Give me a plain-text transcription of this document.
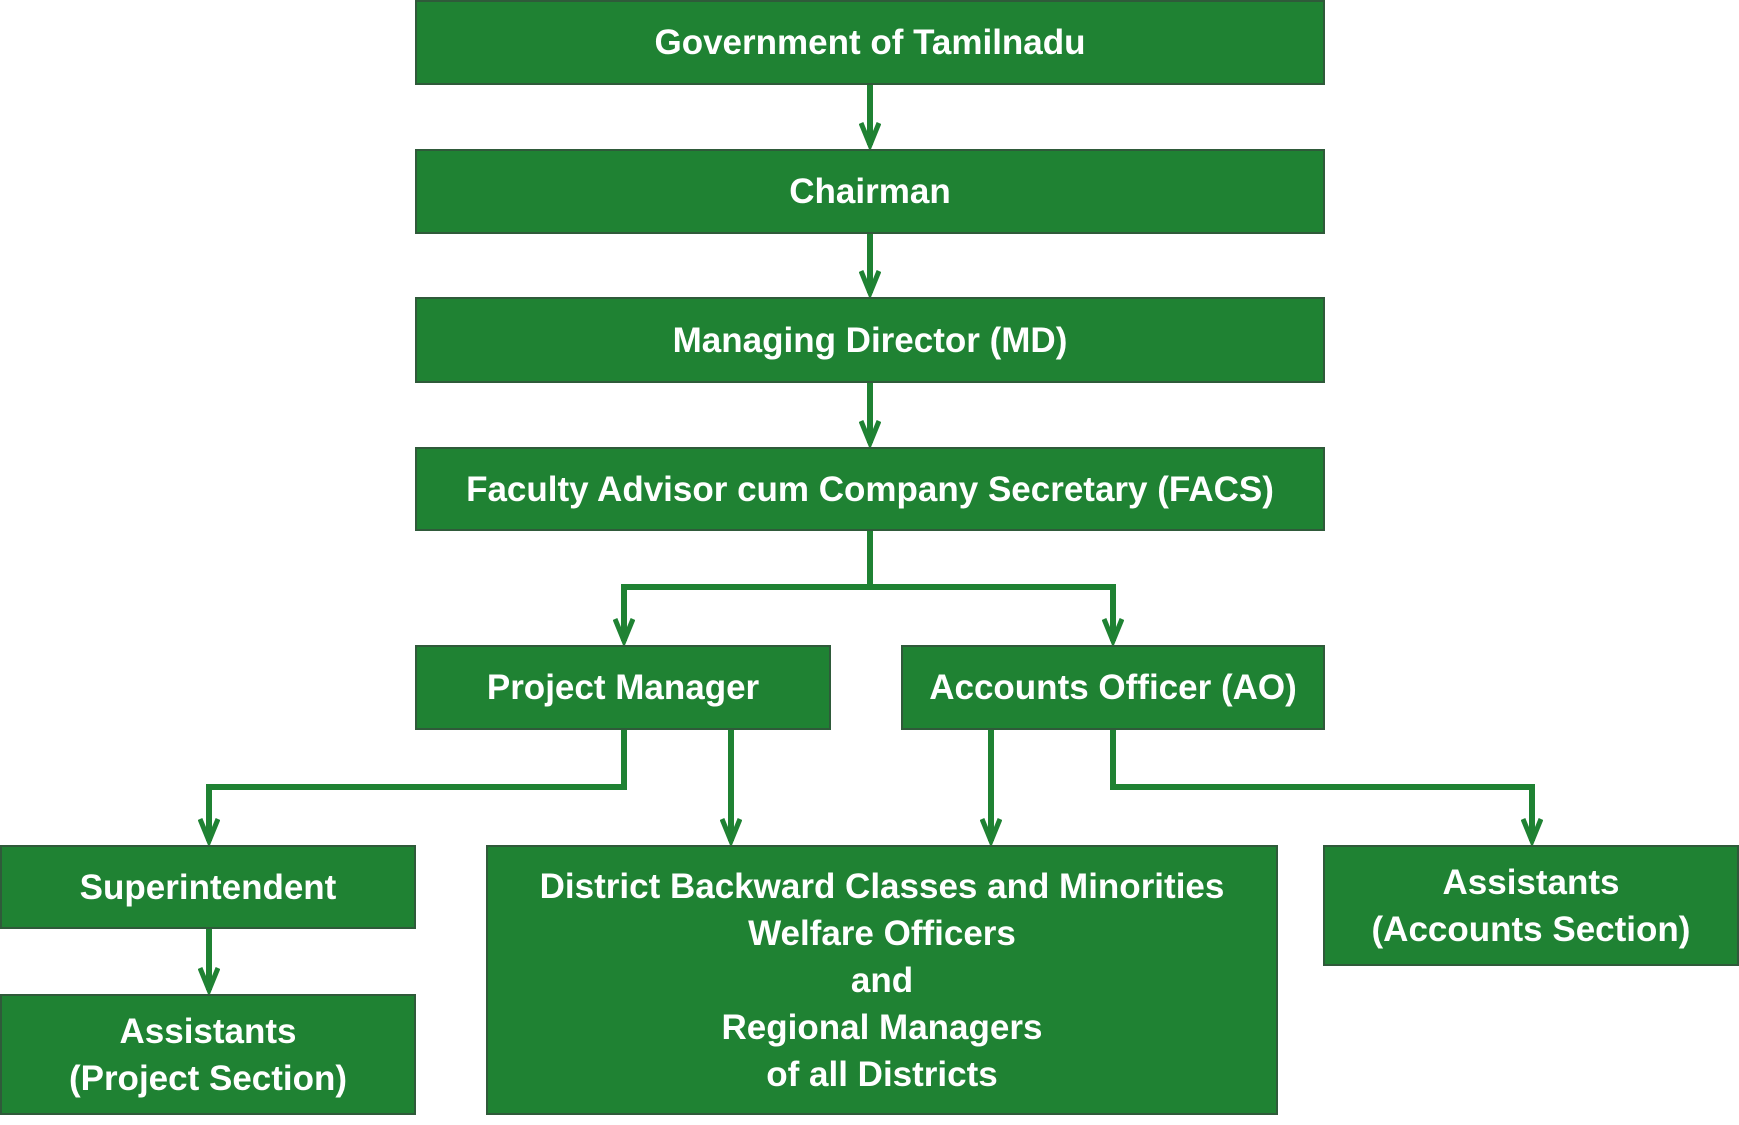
Government of Tamilnadu
Chairman
Managing Director (MD)
Faculty Advisor cum Company Secretary (FACS)
Project Manager	Accounts Officer (AO)
Superintendent
Assistants
(Project Section)
District Backward Classes and Minorities
Welfare Officers
and
Regional Managers
of all Districts
Assistants
(Accounts Section)
